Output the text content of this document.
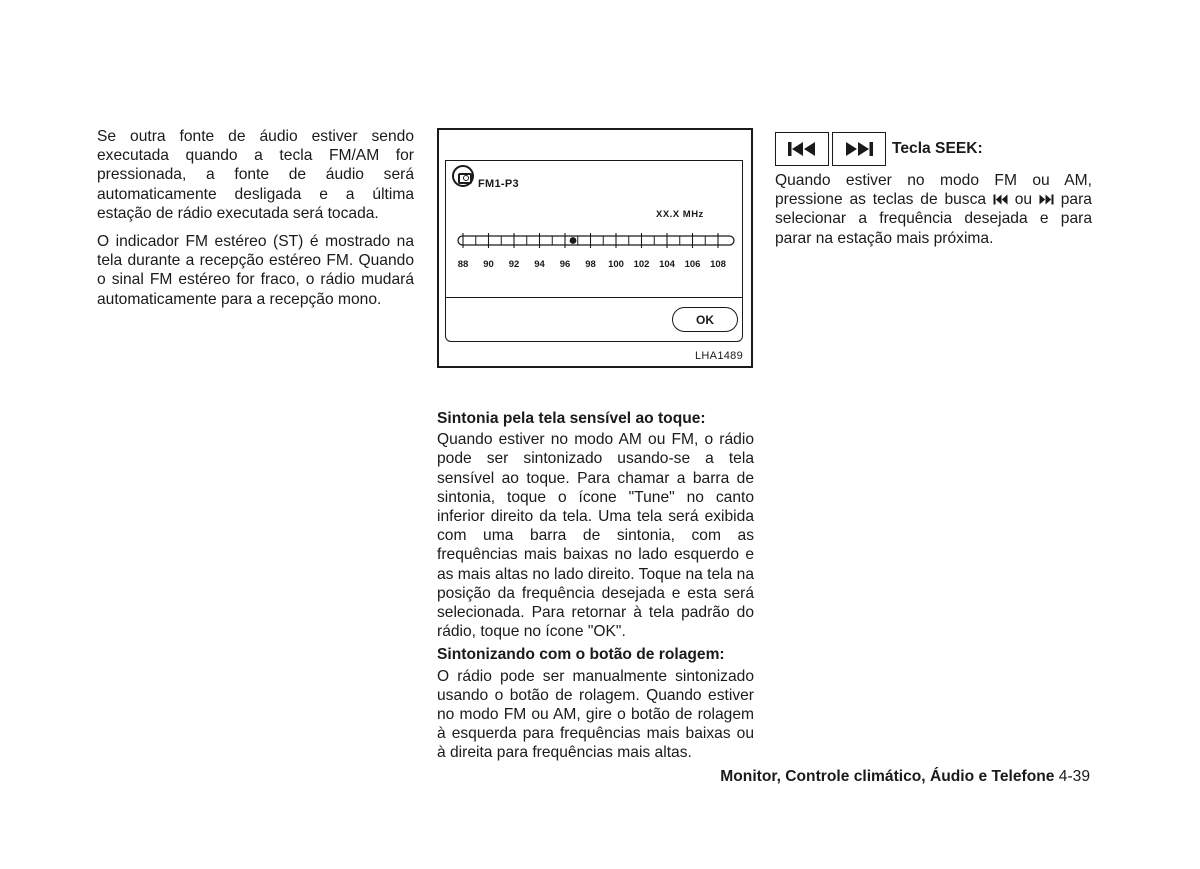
Se outra fonte de áudio estiver sendo executada quando a tecla FM/AM for pressionada, a fonte de áudio será automaticamente desligada e a última estação de rádio executada será tocada.

O indicador FM estéreo (ST) é mostrado na tela durante a recepção estéreo FM. Quando o sinal FM estéreo for fraco, o rádio mudará automaticamente para a recepção mono.

FM1-P3
XX.X MHz
88 90 92 94 96 98 100 102 104 106 108
OK
LHA1489

Sintonia pela tela sensível ao toque:

Quando estiver no modo AM ou FM, o rádio pode ser sintonizado usando-se a tela sensível ao toque. Para chamar a barra de sintonia, toque o ícone "Tune" no canto inferior direito da tela. Uma tela será exibida com uma barra de sintonia, com as frequências mais baixas no lado esquerdo e as mais altas no lado direito. Toque na tela na posição da frequência desejada e esta será selecionada. Para retornar à tela padrão do rádio, toque no ícone "OK".

Sintonizando com o botão de rolagem:

O rádio pode ser manualmente sintonizado usando o botão de rolagem. Quando estiver no modo FM ou AM, gire o botão de rolagem à esquerda para frequências mais baixas ou à direita para frequências mais altas.

Tecla SEEK:

Quando estiver no modo FM ou AM, pressione as teclas de busca ou para selecionar a frequência desejada e para parar na estação mais próxima.

Monitor, Controle climático, Áudio e Telefone 4-39
